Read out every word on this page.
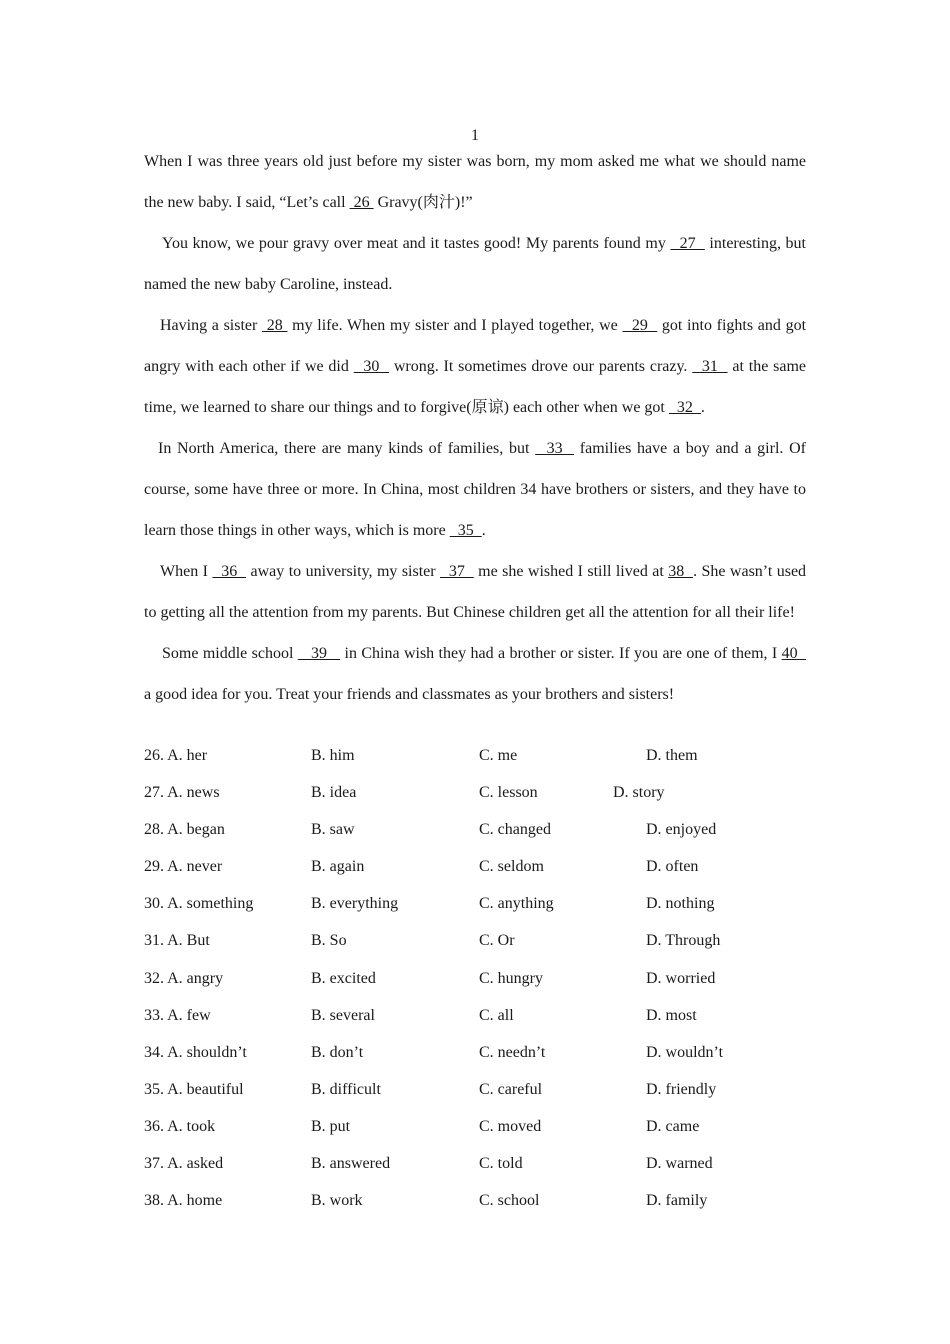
1

When I was three years old just before my sister was born, my mom asked me what we should name the new baby. I said, “Let’s call  26  Gravy(肉汁)!”

You know, we pour gravy over meat and it tastes good! My parents found my   27   interesting, but named the new baby Caroline, instead.

Having a sister  28  my life. When my sister and I played together, we   29   got into fights and got angry with each other if we did   30   wrong. It sometimes drove our parents crazy.   31   at the same time, we learned to share our things and to forgive(原谅) each other when we got   32  .

In North America, there are many kinds of families, but   33   families have a boy and a girl. Of course, some have three or more. In China, most children 34 have brothers or sisters, and they have to learn those things in other ways, which is more   35  .

When I   36   away to university, my sister   37   me she wished I still lived at 38  . She wasn’t used to getting all the attention from my parents. But Chinese children get all the attention for all their life!

Some middle school    39    in China wish they had a brother or sister. If you are one of them, I 40   a good idea for you. Treat your friends and classmates as your brothers and sisters!

26. A. her	B. him	C. me	D. them
27. A. news	B. idea	C. lesson	D. story
28. A. began	B. saw	C. changed	D. enjoyed
29. A. never	B. again	C. seldom	D. often
30. A. something	B. everything	C. anything	D. nothing
31. A. But	B. So	C. Or	D. Through
32. A. angry	B. excited	C. hungry	D. worried
33. A. few	B. several	C. all	D. most
34. A. shouldn’t	B. don’t	C. needn’t	D. wouldn’t
35. A. beautiful	B. difficult	C. careful	D. friendly
36. A. took	B. put	C. moved	D. came
37. A. asked	B. answered	C. told	D. warned
38. A. home	B. work	C. school	D. family
